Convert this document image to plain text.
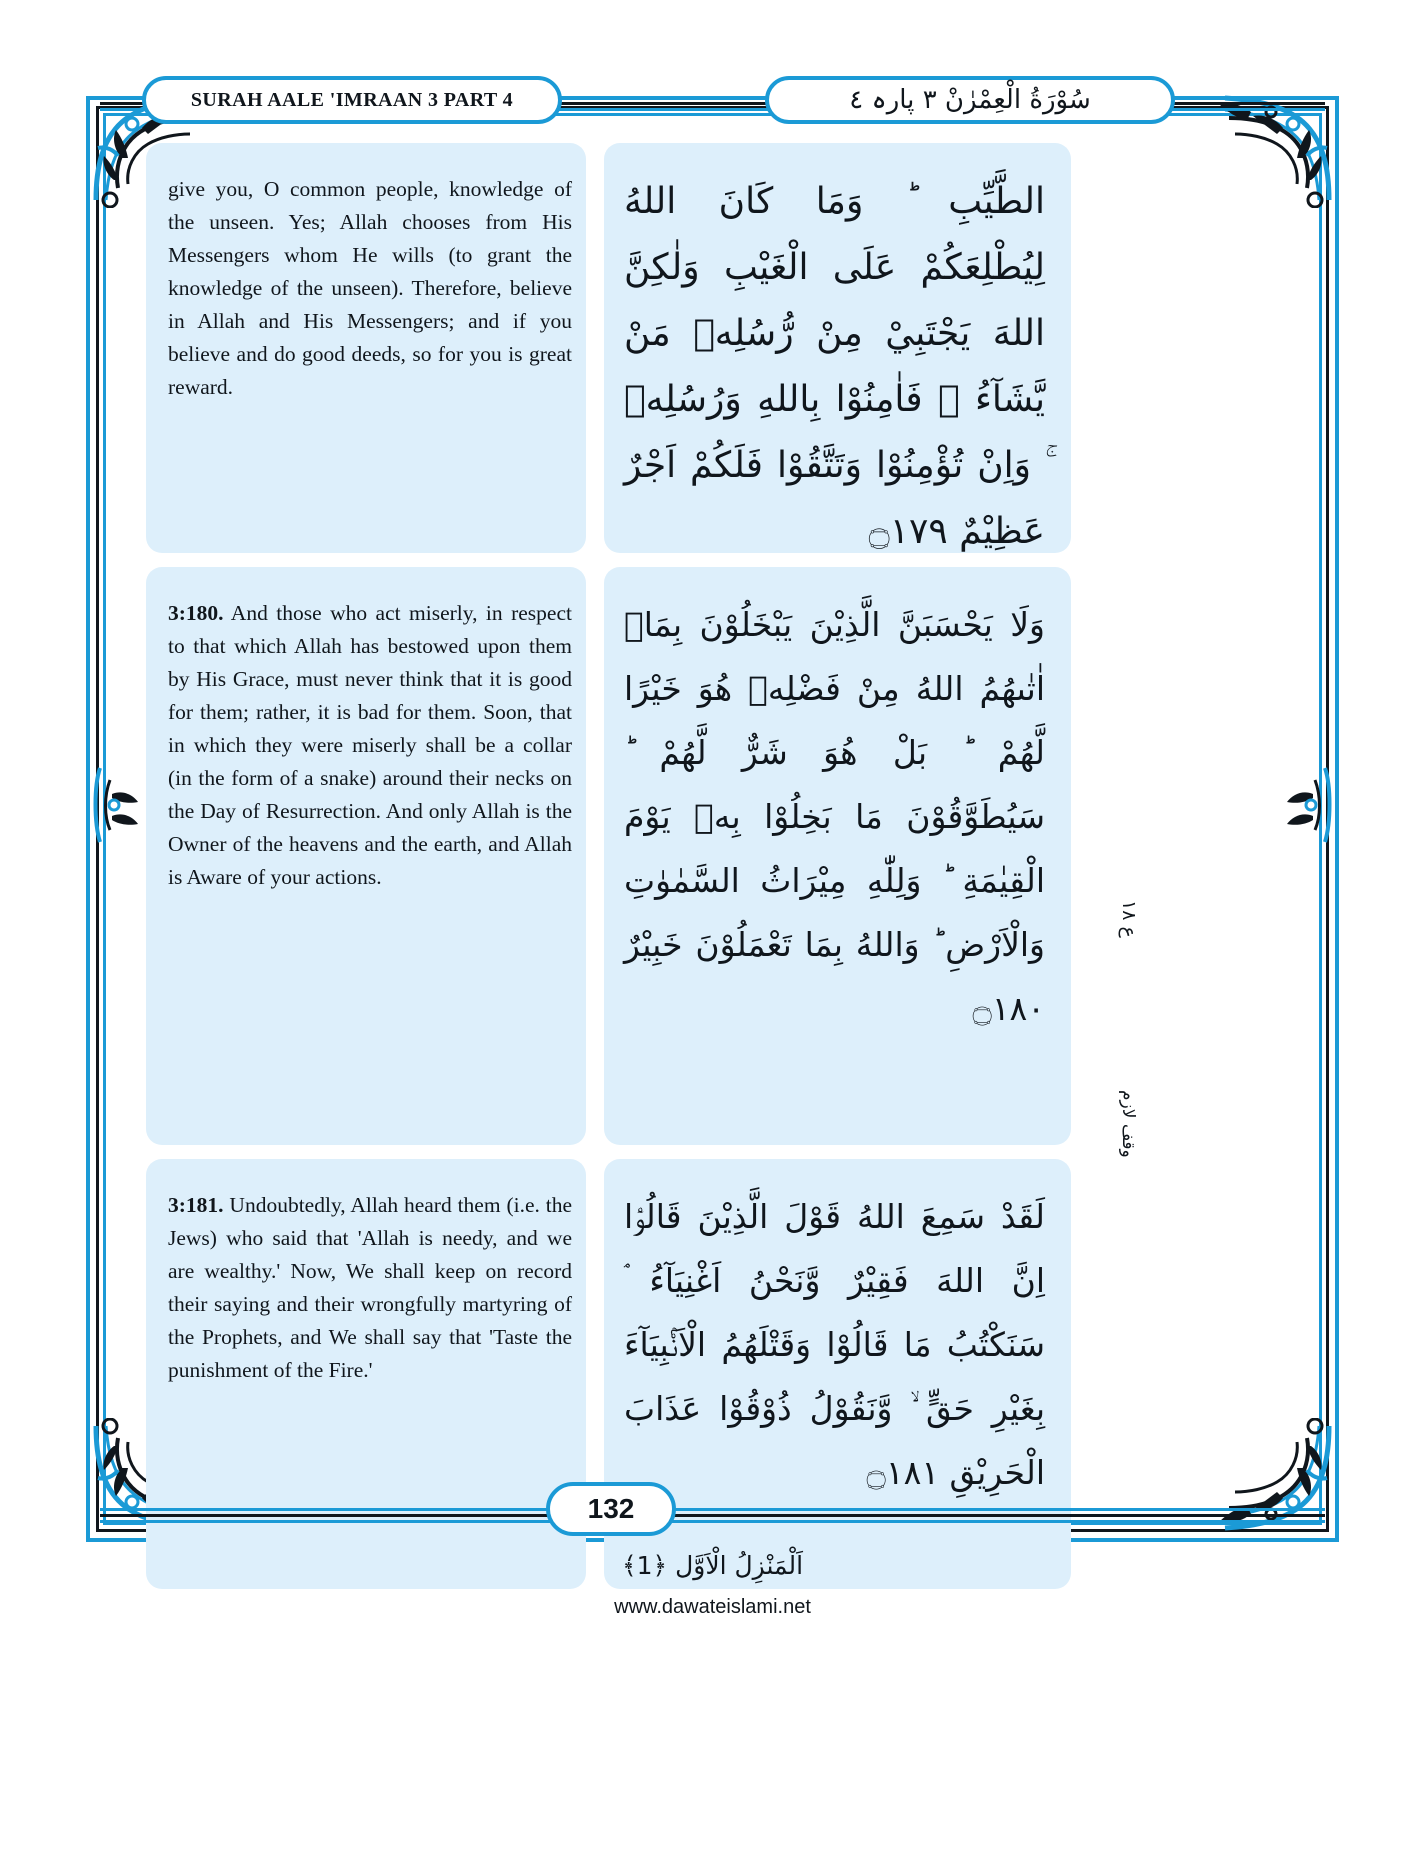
SURAH AALE 'IMRAAN 3 PART 4	سُوْرَةُ الْعِمْرٰنْ ٣ پارہ ٤

give you, O common people, knowledge of the unseen. Yes; Allah chooses from His Messengers whom He wills (to grant the knowledge of the unseen). Therefore, believe in Allah and His Messengers; and if you believe and do good deeds, so for you is great reward.

الطَّيِّبِ ؕ وَمَا كَانَ اللهُ لِيُطْلِعَكُمْ عَلَى الْغَيْبِ وَلٰكِنَّ اللهَ يَجْتَبِيْ مِنْ رُّسُلِهٖ مَنْ يَّشَآءُ ۪ فَاٰمِنُوْا بِاللهِ وَرُسُلِهٖ ۚ وَاِنْ تُؤْمِنُوْا وَتَتَّقُوْا فَلَكُمْ اَجْرٌ عَظِيْمٌ ۝١٧٩

3:180. And those who act miserly, in respect to that which Allah has bestowed upon them by His Grace, must never think that it is good for them; rather, it is bad for them. Soon, that in which they were miserly shall be a collar (in the form of a snake) around their necks on the Day of Resurrection. And only Allah is the Owner of the heavens and the earth, and Allah is Aware of your actions.

وَلَا يَحْسَبَنَّ الَّذِيْنَ يَبْخَلُوْنَ بِمَاۤ اٰتٰىهُمُ اللهُ مِنْ فَضْلِهٖ هُوَ خَيْرًا لَّهُمْ ؕ بَلْ هُوَ شَرٌّ لَّهُمْ ؕ سَيُطَوَّقُوْنَ مَا بَخِلُوْا بِهٖ يَوْمَ الْقِيٰمَةِ ؕ وَلِلّٰهِ مِيْرَاثُ السَّمٰوٰتِ وَالْاَرْضِ ؕ وَاللهُ بِمَا تَعْمَلُوْنَ خَبِيْرٌ ۝١٨٠

3:181. Undoubtedly, Allah heard them (i.e. the Jews) who said that 'Allah is needy, and we are wealthy.' Now, We shall keep on record their saying and their wrongfully martyring of the Prophets, and We shall say that 'Taste the punishment of the Fire.'

لَقَدْ سَمِعَ اللهُ قَوْلَ الَّذِيْنَ قَالُوْۤا اِنَّ اللهَ فَقِيْرٌ وَّنَحْنُ اَغْنِيَآءُ ۘ سَنَكْتُبُ مَا قَالُوْا وَقَتْلَهُمُ الْاَنْۢبِيَآءَ بِغَيْرِ حَقٍّ ۙ وَّنَقُوْلُ ذُوْقُوْا عَذَابَ الْحَرِيْقِ ۝١٨١

ع ١٨
وقف لازم
132
اَلْمَنْزِلُ الْاَوَّل ﴿1﴾
www.dawateislami.net
